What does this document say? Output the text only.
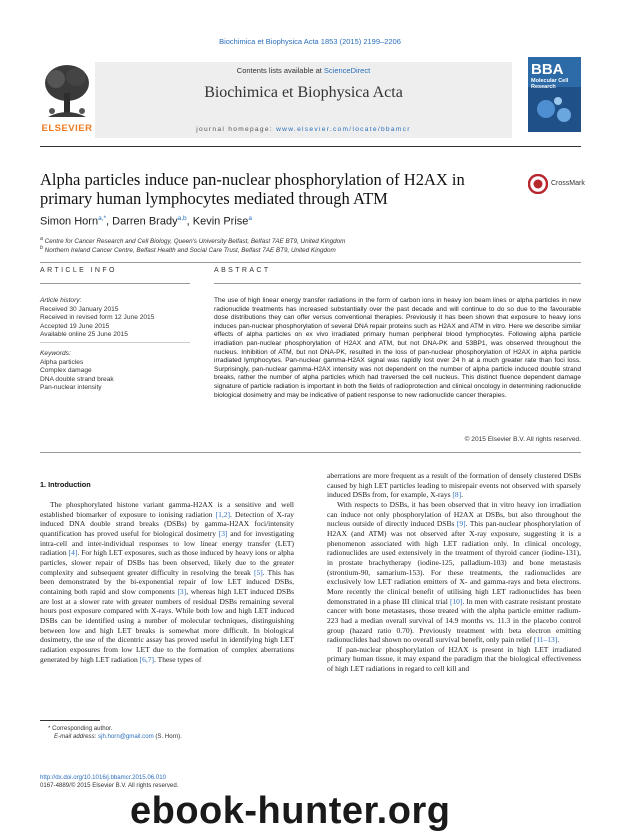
Biochimica et Biophysica Acta 1853 (2015) 2199–2206
ELSEVIER
Contents lists available at ScienceDirect
Biochimica et Biophysica Acta
journal homepage: www.elsevier.com/locate/bbamcr
BBA
Molecular Cell Research
Alpha particles induce pan-nuclear phosphorylation of H2AX in primary human lymphocytes mediated through ATM
CrossMark
Simon Horn$^{a,*}$, Darren Brady$^{a,b}$, Kevin Prise$^a$
$^a$ Centre for Cancer Research and Cell Biology, Queen's University Belfast, Belfast 7AE BT9, United Kingdom
$^b$ Northern Ireland Cancer Centre, Belfast Health and Social Care Trust, Belfast 7AE BT9, United Kingdom
ARTICLE INFO	ABSTRACT
Article history:
Received 30 January 2015
Received in revised form 12 June 2015
Accepted 19 June 2015
Available online 25 June 2015
Keywords:
Alpha particles
Complex damage
DNA double strand break
Pan-nuclear intensity
The use of high linear energy transfer radiations in the form of carbon ions in heavy ion beam lines or alpha particles in new radionuclide treatments has increased substantially over the past decade and will continue to do so due to the favourable dose distributions they can offer versus conventional therapies. Previously it has been shown that exposure to heavy ions induces pan-nuclear phosphorylation of several DNA repair proteins such as H2AX and ATM in vitro. Here we describe similar effects of alpha particles on ex vivo irradiated primary human peripheral blood lymphocytes. Following alpha particle irradiation pan-nuclear phosphorylation of H2AX and ATM, but not DNA-PK and 53BP1, was observed throughout the nucleus. Inhibition of ATM, but not DNA-PK, resulted in the loss of pan-nuclear phosphorylation of H2AX in alpha particle irradiated lymphocytes. Pan-nuclear gamma-H2AX signal was rapidly lost over 24 h at a much greater rate than foci loss. Surprisingly, pan-nuclear gamma-H2AX intensity was not dependent on the number of alpha particle induced double strand breaks, rather the number of alpha particles which had traversed the cell nucleus. This distinct fluence dependent damage signature of particle radiation is important in both the fields of radioprotection and clinical oncology in determining radionuclide biological dosimetry and may be indicative of patient response to new radionuclide cancer therapies.
© 2015 Elsevier B.V. All rights reserved.
1. Introduction

The phosphorylated histone variant gamma-H2AX is a sensitive and well established biomarker of exposure to ionising radiation [1,2]. Detection of X-ray induced DNA double strand breaks (DSBs) by gamma-H2AX foci/intensity quantification has proved useful for biological dosimetry [3] and for investigating intra-cell and inter-individual responses to low linear energy transfer (LET) radiation [4]. For high LET exposures, such as those induced by heavy ions or alpha particles, slower repair of DSBs has been observed, likely due to the greater complexity and subsequent greater difficulty in resolving the break [5]. This has been demonstrated by the bi-exponential repair of low LET induced DSBs, containing both rapid and slow components [3], whereas high LET induced DSBs are lost at a slower rate with greater numbers of residual DSBs remaining several hours post exposure compared with X-rays. While both low and high LET induced DSBs can be identified using a number of molecular techniques, distinguishing between low and high LET breaks is somewhat more difficult. In biological dosimetry, the use of the dicentric assay has proved useful in identifying high LET radiation exposures from low LET due to the formation of complex aberrations generated by high LET radiation [6,7]. These types of

aberrations are more frequent as a result of the formation of densely clustered DSBs caused by high LET particles leading to misrepair events not observed with sparsely induced DSBs from, for example, X-rays [8].

With respects to DSBs, it has been observed that in vitro heavy ion irradiation can induce not only phosphorylation of H2AX at DSBs, but also throughout the nucleus outside of directly induced DSBs [9]. This pan-nuclear phosphorylation of H2AX (and ATM) was not observed after X-ray exposure, suggesting it is a phenomenon associated with high LET radiation only. In clinical oncology, radionuclides are used extensively in the treatment of thyroid cancer (iodine-131), in prostate brachytherapy (iodine-125, palladium-103) and bone metastasis (strontium-90, samarium-153). For these treatments, the radionuclides are exclusively low LET radiation emitters of X- and gamma-rays and beta electrons. More recently the clinical benefit of utilising high LET radionuclides has been demonstrated in a phase III clinical trial [10]. In men with castrate resistant prostate cancer with bone metastases, those treated with the alpha particle emitter radium-223 had a median overall survival of 14.9 months vs. 11.3 in the placebo control group (hazard ratio 0.70). Previously treatment with beta electron emitting radionuclides had shown no overall survival benefit, only pain relief [11–13].

If pan-nuclear phosphorylation of H2AX is present in high LET irradiated primary human tissue, it may expand the paradigm that the biological effectiveness of high LET radiations in regard to cell kill and

* Corresponding author.
E-mail address: sjh.horn@gmail.com (S. Horn).
http://dx.doi.org/10.1016/j.bbamcr.2015.06.010
0167-4889/© 2015 Elsevier B.V. All rights reserved.
ebook-hunter.org
